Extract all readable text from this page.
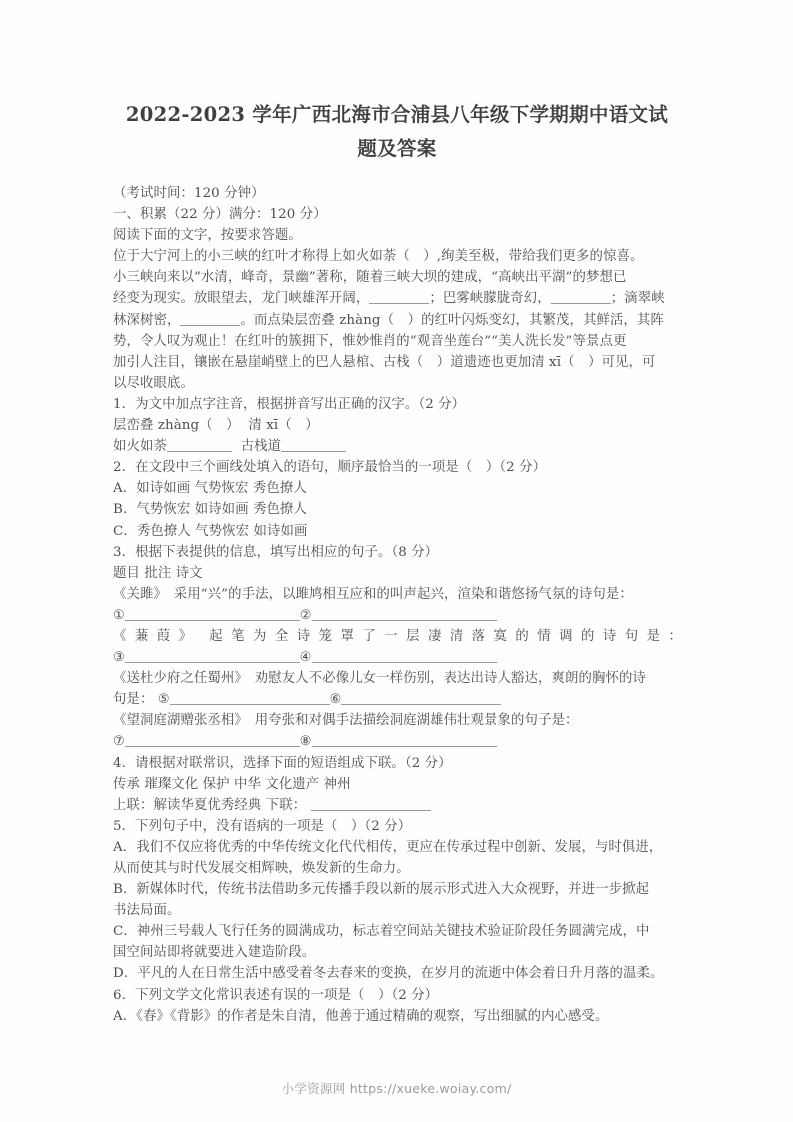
2022-2023 学年广西北海市合浦县八年级下学期期中语文试
题及答案
（考试时间：120 分钟）
一、积累（22 分）满分：120 分）
阅读下面的文字，按要求答题。
位于大宁河上的小三峡的红叶才称得上如火如荼（　）,绚美至极，带给我们更多的惊喜。
小三峡向来以“水清，峰奇，景幽”著称，随着三峡大坝的建成，“高峡出平湖”的梦想已
经变为现实。放眼望去，龙门峡雄浑开阔，	；巴雾峡朦胧奇幻，	；滴翠峡
林深树密，	。而点染层峦叠 zhàng（　）的红叶闪烁变幻，其繁茂，其鲜活，其阵
势，令人叹为观止！在红叶的簇拥下，惟妙惟肖的“观音坐莲台”“美人洗长发”等景点更
加引人注目，镶嵌在悬崖峭壁上的巴人悬棺、古栈（　）道遗迹也更加清 xī（　）可见，可
以尽收眼底。
1．为文中加点字注音，根据拼音写出正确的汉字。（2 分）
层峦叠 zhàng（　） 清 xī（　）
如火如荼	古栈道
2．在文段中三个画线处填入的语句，顺序最恰当的一项是（　）（2 分）
A．如诗如画 气势恢宏 秀色撩人
B．气势恢宏 如诗如画 秀色撩人
C．秀色撩人 气势恢宏 如诗如画
3．根据下表提供的信息，填写出相应的句子。（8 分）
题目 批注 诗文
《关雎》　采用“兴”的手法，以雎鸠相互应和的叫声起兴，渲染和谐悠扬气氛的诗句是：
①	②
《 蒹 葭 》　 起 笔 为 全 诗 笼 罩 了 一 层 凄 清 落 寞 的 情 调 的 诗 句 是 ：
③	④
《送杜少府之任蜀州》　劝慰友人不必像儿女一样伤别，表达出诗人豁达，爽朗的胸怀的诗
句是： ⑤	⑥
《望洞庭湖赠张丞相》　用夸张和对偶手法描绘洞庭湖雄伟壮观景象的句子是：
⑦	⑧
4．请根据对联常识，选择下面的短语组成下联。（2 分）
传承 璀璨文化 保护 中华 文化遗产 神州
上联：解读华夏优秀经典 下联：
5．下列句子中，没有语病的一项是（　）（2 分）
A．我们不仅应将优秀的中华传统文化代代相传，更应在传承过程中创新、发展，与时俱进，
从而使其与时代发展交相辉映，焕发新的生命力。
B．新媒体时代，传统书法借助多元传播手段以新的展示形式进入大众视野，并进一步掀起
书法局面。
C．神州三号载人飞行任务的圆满成功，标志着空间站关键技术验证阶段任务圆满完成，中
国空间站即将就要进入建造阶段。
D．平凡的人在日常生活中感受着冬去春来的变换，在岁月的流逝中体会着日升月落的温柔。
6．下列文学文化常识表述有误的一项是（　）（2 分）
A．《春》《背影》的作者是朱自清，他善于通过精确的观察，写出细腻的内心感受。
小学资源网 https://xueke.woiay.com/
